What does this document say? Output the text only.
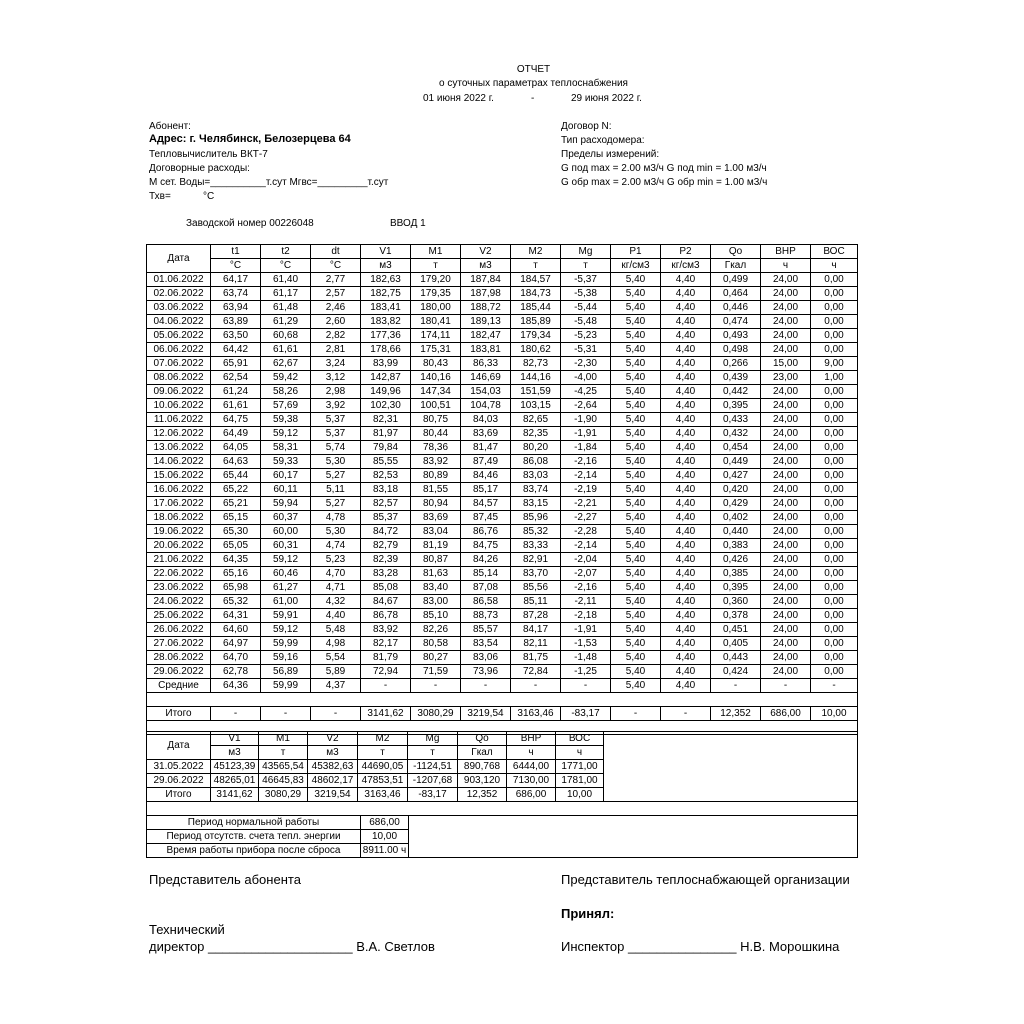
ОТЧЕТ
о суточных параметрах теплоснабжения
01 июня 2022 г.	-	29 июня 2022 г.
Абонент:
Адрес: г. Челябинск, Белозерцева 64
Тепловычислитель ВКТ-7
Договорные расходы:
М сет. Воды=__________т.сут Мгвс=_________т.сут
Тхв=	°С
Договор N:
Тип расходомера:
Пределы измерений:
G под max = 2.00 м3/ч G под min = 1.00 м3/ч
G обр max = 2.00 м3/ч G обр min = 1.00 м3/ч
Заводской номер 00226048	ВВОД 1
Дата	t1	t2	dt	V1	M1	V2	M2	Mg	P1	P2	Qo	ВНР	ВОС
	°С	°С	°С	м3	т	м3	т	т	кг/см3	кг/см3	Гкал	ч	ч
01.06.2022	64,17	61,40	2,77	182,63	179,20	187,84	184,57	-5,37	5,40	4,40	0,499	24,00	0,00
02.06.2022	63,74	61,17	2,57	182,75	179,35	187,98	184,73	-5,38	5,40	4,40	0,464	24,00	0,00
03.06.2022	63,94	61,48	2,46	183,41	180,00	188,72	185,44	-5,44	5,40	4,40	0,446	24,00	0,00
04.06.2022	63,89	61,29	2,60	183,82	180,41	189,13	185,89	-5,48	5,40	4,40	0,474	24,00	0,00
05.06.2022	63,50	60,68	2,82	177,36	174,11	182,47	179,34	-5,23	5,40	4,40	0,493	24,00	0,00
06.06.2022	64,42	61,61	2,81	178,66	175,31	183,81	180,62	-5,31	5,40	4,40	0,498	24,00	0,00
07.06.2022	65,91	62,67	3,24	83,99	80,43	86,33	82,73	-2,30	5,40	4,40	0,266	15,00	9,00
08.06.2022	62,54	59,42	3,12	142,87	140,16	146,69	144,16	-4,00	5,40	4,40	0,439	23,00	1,00
09.06.2022	61,24	58,26	2,98	149,96	147,34	154,03	151,59	-4,25	5,40	4,40	0,442	24,00	0,00
10.06.2022	61,61	57,69	3,92	102,30	100,51	104,78	103,15	-2,64	5,40	4,40	0,395	24,00	0,00
11.06.2022	64,75	59,38	5,37	82,31	80,75	84,03	82,65	-1,90	5,40	4,40	0,433	24,00	0,00
12.06.2022	64,49	59,12	5,37	81,97	80,44	83,69	82,35	-1,91	5,40	4,40	0,432	24,00	0,00
13.06.2022	64,05	58,31	5,74	79,84	78,36	81,47	80,20	-1,84	5,40	4,40	0,454	24,00	0,00
14.06.2022	64,63	59,33	5,30	85,55	83,92	87,49	86,08	-2,16	5,40	4,40	0,449	24,00	0,00
15.06.2022	65,44	60,17	5,27	82,53	80,89	84,46	83,03	-2,14	5,40	4,40	0,427	24,00	0,00
16.06.2022	65,22	60,11	5,11	83,18	81,55	85,17	83,74	-2,19	5,40	4,40	0,420	24,00	0,00
17.06.2022	65,21	59,94	5,27	82,57	80,94	84,57	83,15	-2,21	5,40	4,40	0,429	24,00	0,00
18.06.2022	65,15	60,37	4,78	85,37	83,69	87,45	85,96	-2,27	5,40	4,40	0,402	24,00	0,00
19.06.2022	65,30	60,00	5,30	84,72	83,04	86,76	85,32	-2,28	5,40	4,40	0,440	24,00	0,00
20.06.2022	65,05	60,31	4,74	82,79	81,19	84,75	83,33	-2,14	5,40	4,40	0,383	24,00	0,00
21.06.2022	64,35	59,12	5,23	82,39	80,87	84,26	82,91	-2,04	5,40	4,40	0,426	24,00	0,00
22.06.2022	65,16	60,46	4,70	83,28	81,63	85,14	83,70	-2,07	5,40	4,40	0,385	24,00	0,00
23.06.2022	65,98	61,27	4,71	85,08	83,40	87,08	85,56	-2,16	5,40	4,40	0,395	24,00	0,00
24.06.2022	65,32	61,00	4,32	84,67	83,00	86,58	85,11	-2,11	5,40	4,40	0,360	24,00	0,00
25.06.2022	64,31	59,91	4,40	86,78	85,10	88,73	87,28	-2,18	5,40	4,40	0,378	24,00	0,00
26.06.2022	64,60	59,12	5,48	83,92	82,26	85,57	84,17	-1,91	5,40	4,40	0,451	24,00	0,00
27.06.2022	64,97	59,99	4,98	82,17	80,58	83,54	82,11	-1,53	5,40	4,40	0,405	24,00	0,00
28.06.2022	64,70	59,16	5,54	81,79	80,27	83,06	81,75	-1,48	5,40	4,40	0,443	24,00	0,00
29.06.2022	62,78	56,89	5,89	72,94	71,59	73,96	72,84	-1,25	5,40	4,40	0,424	24,00	0,00
Средние	64,36	59,99	4,37	-	-	-	-	-	5,40	4,40	-	-	-

Итого	-	-	-	3141,62	3080,29	3219,54	3163,46	-83,17	-	-	12,352	686,00	10,00

Дата	V1	M1	V2	M2	Mg	Qo	ВНР	ВОС	
	м3	т	м3	т	т	Гкал	ч	ч	
31.05.2022	45123,39	43565,54	45382,63	44690,05	-1124,51	890,768	6444,00	1771,00	
29.06.2022	48265,01	46645,83	48602,17	47853,51	-1207,68	903,120	7130,00	1781,00	
Итого	3141,62	3080,29	3219,54	3163,46	-83,17	12,352	686,00	10,00	

Период нормальной работы	686,00	
Период отсутств. счета тепл. энергии	10,00	
Время работы прибора после сброса	8911.00 ч	
Представитель абонента	Представитель теплоснабжающей организации
Принял:
Технический
директор ____________________ В.А. Светлов	Инспектор _______________ Н.В. Морошкина
